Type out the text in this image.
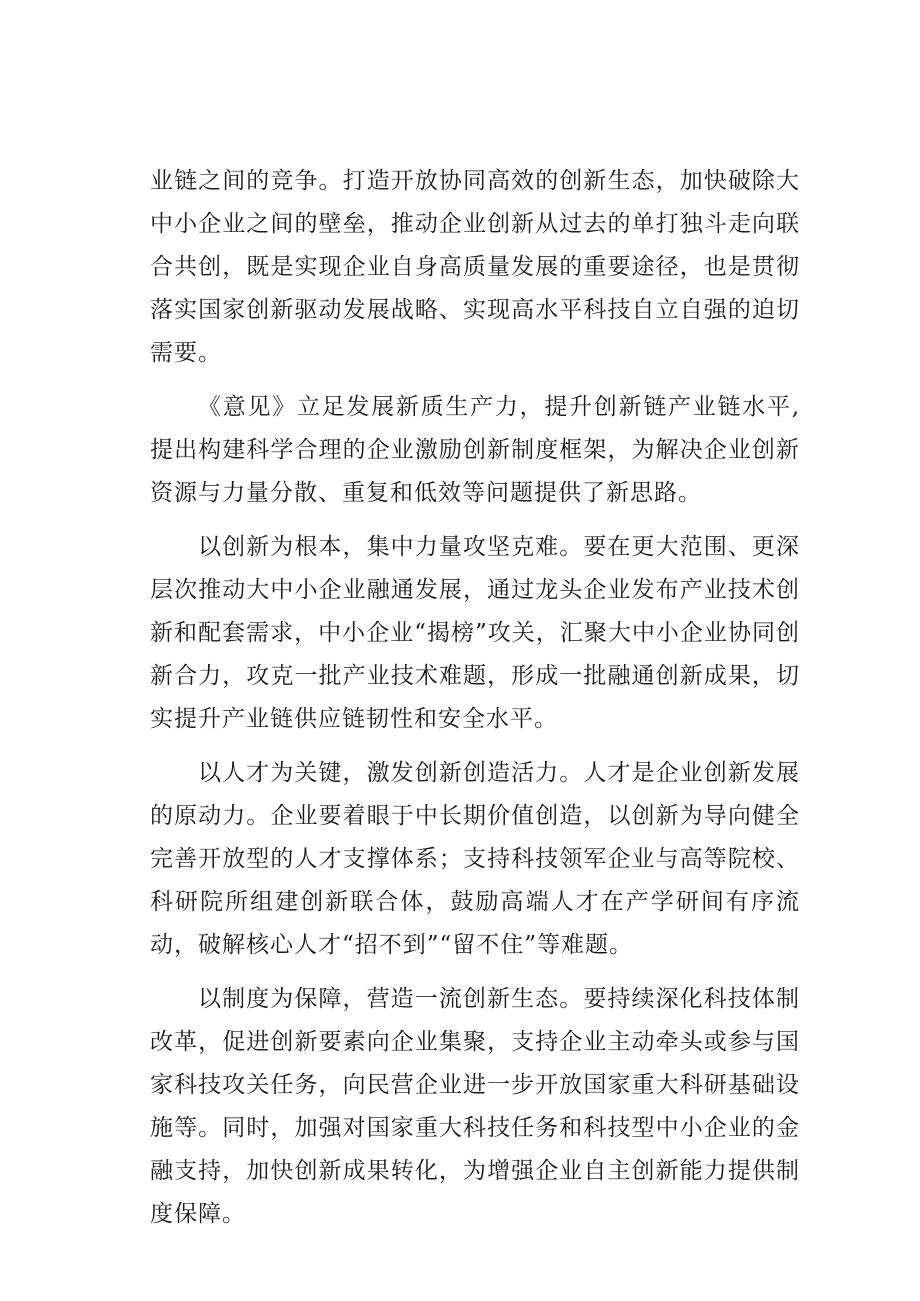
业链之间的竞争。打造开放协同高效的创新生态，加快破除大中小企业之间的壁垒，推动企业创新从过去的单打独斗走向联合共创，既是实现企业自身高质量发展的重要途径，也是贯彻落实国家创新驱动发展战略、实现高水平科技自立自强的迫切需要。

《意见》立足发展新质生产力，提升创新链产业链水平,提出构建科学合理的企业激励创新制度框架，为解决企业创新资源与力量分散、重复和低效等问题提供了新思路。

以创新为根本，集中力量攻坚克难。要在更大范围、更深层次推动大中小企业融通发展，通过龙头企业发布产业技术创新和配套需求，中小企业“揭榜”攻关，汇聚大中小企业协同创新合力，攻克一批产业技术难题，形成一批融通创新成果，切实提升产业链供应链韧性和安全水平。

以人才为关键，激发创新创造活力。人才是企业创新发展的原动力。企业要着眼于中长期价值创造，以创新为导向健全完善开放型的人才支撑体系；支持科技领军企业与高等院校、科研院所组建创新联合体，鼓励高端人才在产学研间有序流动，破解核心人才“招不到”“留不住”等难题。

以制度为保障，营造一流创新生态。要持续深化科技体制改革，促进创新要素向企业集聚，支持企业主动牵头或参与国家科技攻关任务，向民营企业进一步开放国家重大科研基础设施等。同时，加强对国家重大科技任务和科技型中小企业的金融支持，加快创新成果转化，为增强企业自主创新能力提供制度保障。
